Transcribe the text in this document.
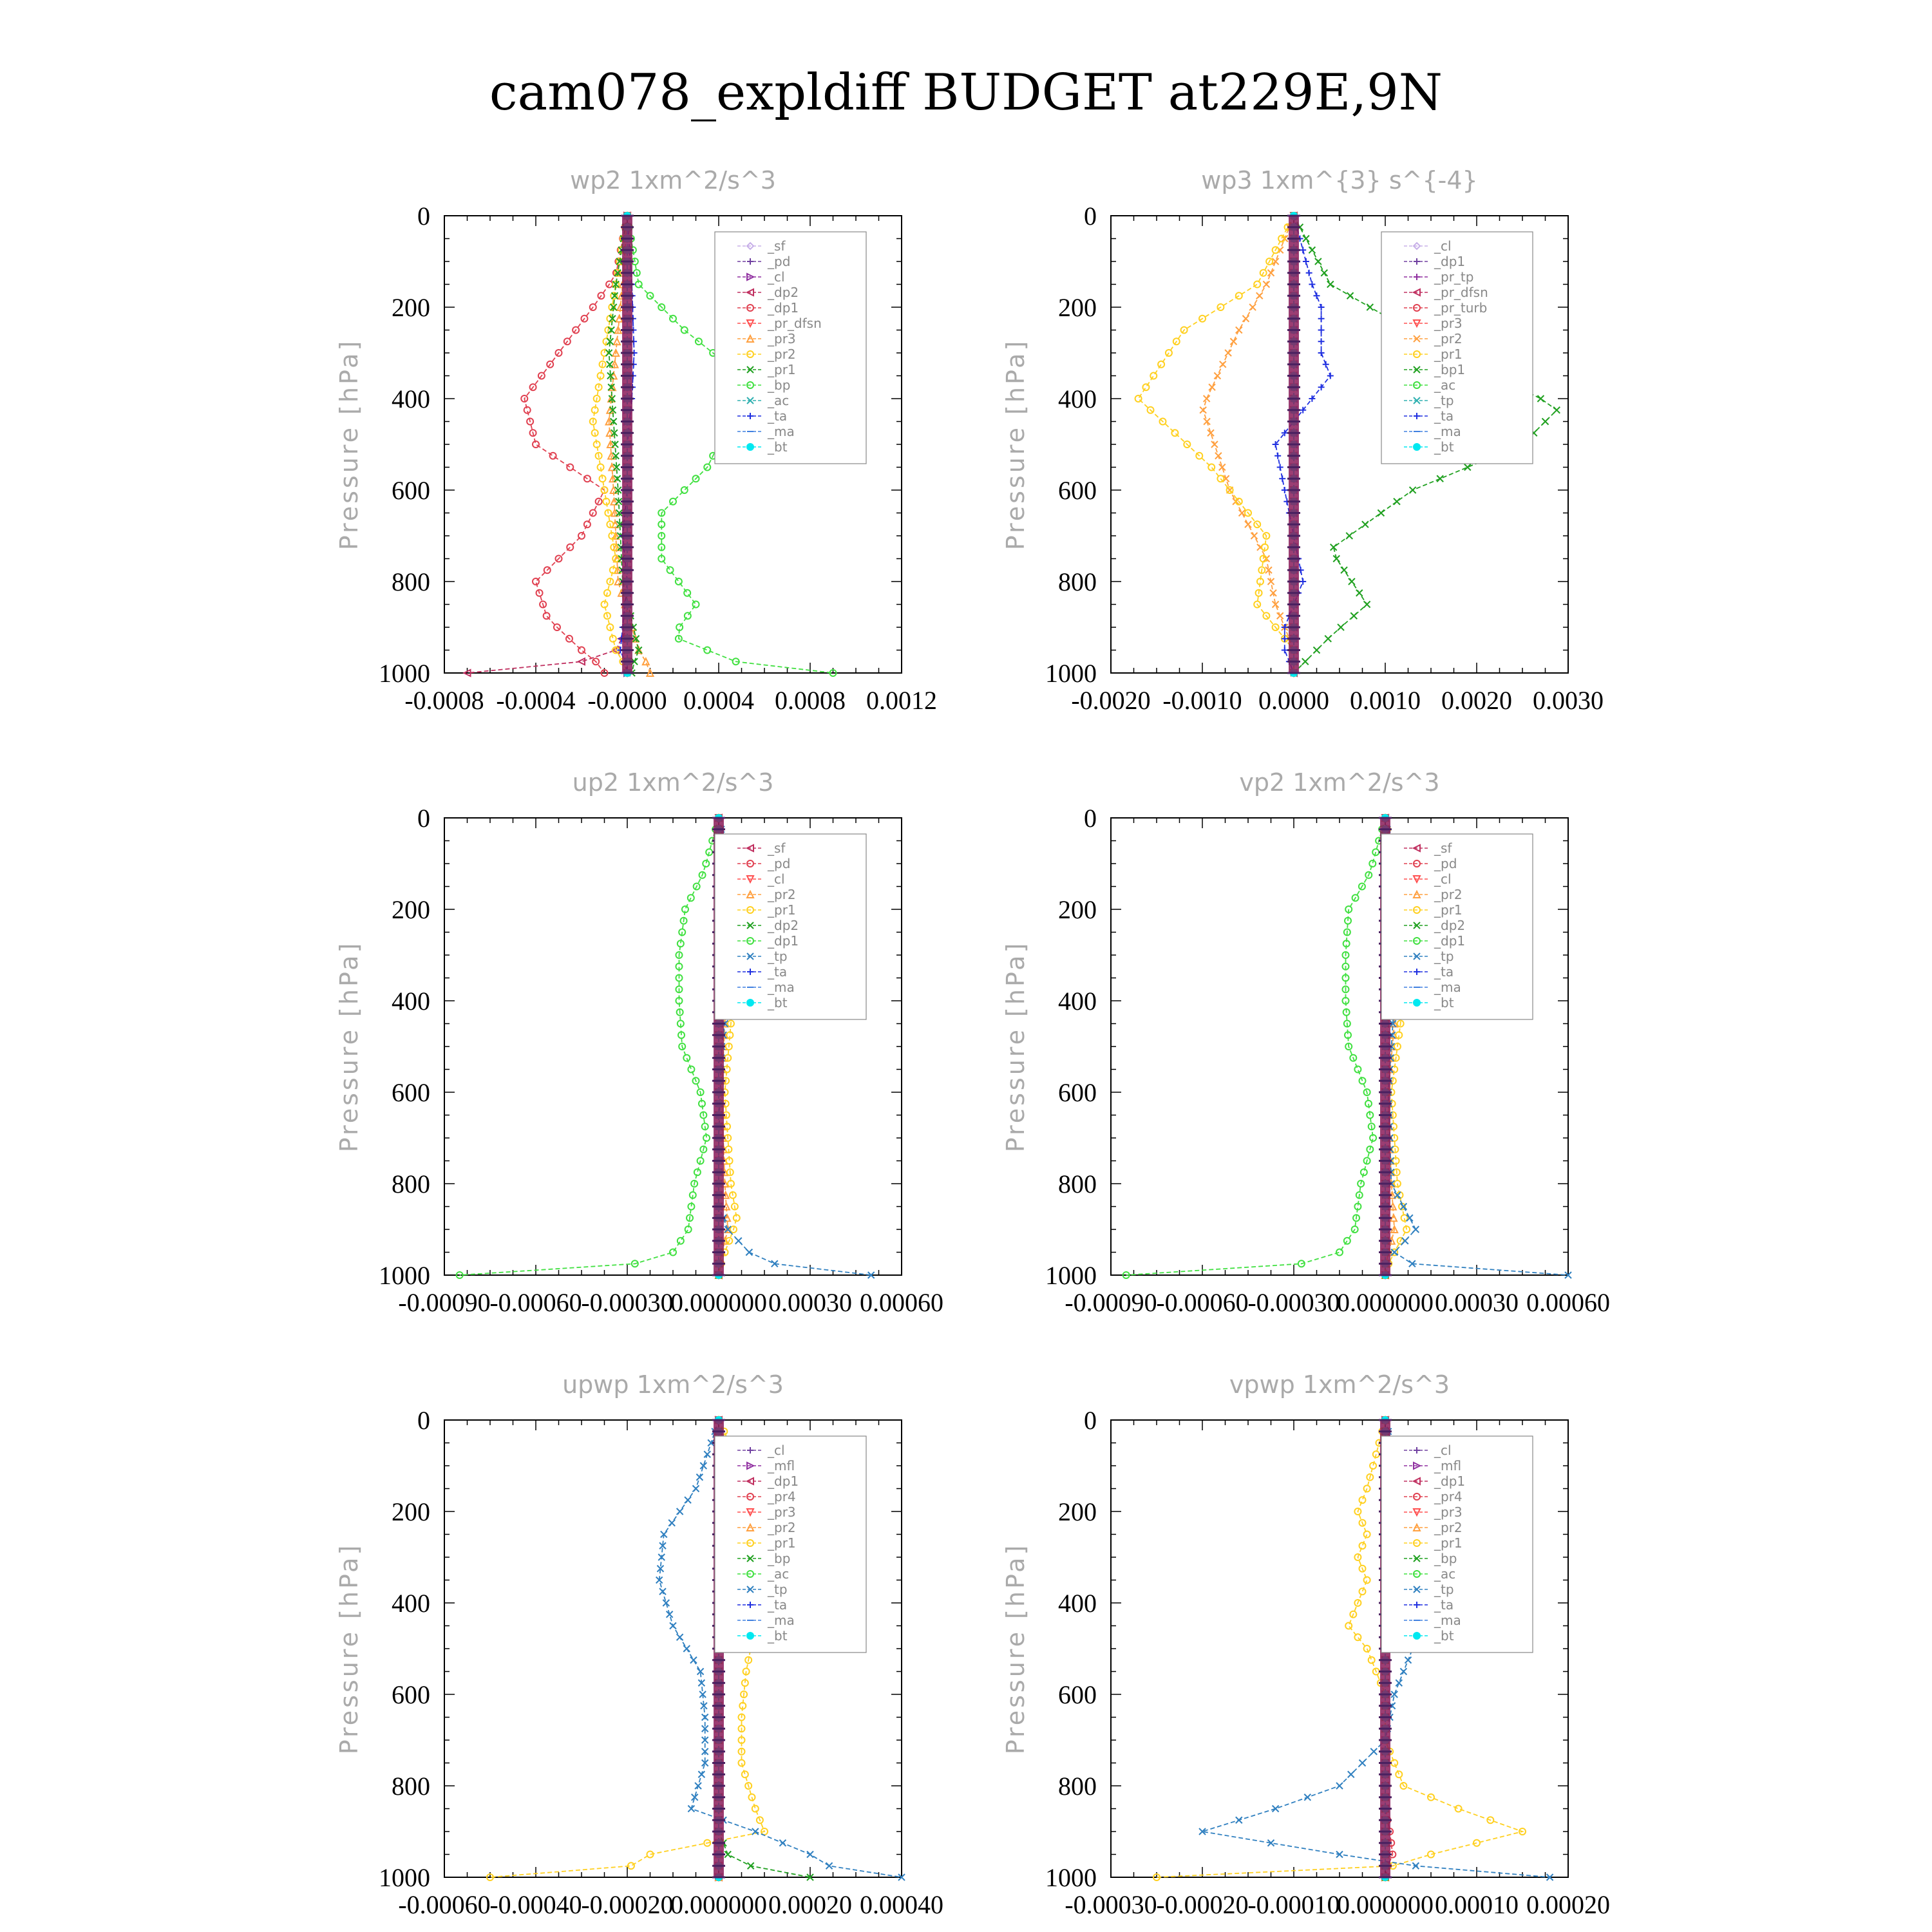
cam078_expldiff BUDGET at229E,9N
wp2 1xm^2/s^3
Pressure [hPa]
-0.0008 -0.0004 -0.0000 0.0004 0.0008 0.0012
0
200
400
600
800
1000
_sf
_pd
_cl
_dp2
_dp1
_pr_dfsn
_pr3
_pr2
_pr1
_bp
_ac
_ta
_ma
_bt
wp3 1xm^{3} s^{-4}
Pressure [hPa]
-0.0020 -0.0010 0.0000 0.0010 0.0020 0.0030
0
200
400
600
800
1000
_cl
_dp1
_pr_tp
_pr_dfsn
_pr_turb
_pr3
_pr2
_pr1
_bp1
_ac
_tp
_ta
_ma
_bt
up2 1xm^2/s^3
Pressure [hPa]
-0.00090
-0.00060
-0.00030
0.000000 0.00030 0.00060
0
200
400
600
800
1000
_sf
_pd
_cl
_pr2
_pr1
_dp2
_dp1
_tp
_ta
_ma
_bt
vp2 1xm^2/s^3
Pressure [hPa]
-0.00090
-0.00060
-0.00030
0.000000 0.00030 0.00060
0
200
400
600
800
1000
_sf
_pd
_cl
_pr2
_pr1
_dp2
_dp1
_tp
_ta
_ma
_bt
upwp 1xm^2/s^3
Pressure [hPa]
-0.00060
-0.00040
-0.00020
0.000000 0.00020 0.00040
0
200
400
600
800
1000
_cl
_mfl
_dp1
_pr4
_pr3
_pr2
_pr1
_bp
_ac
_tp
_ta
_ma
_bt
vpwp 1xm^2/s^3
Pressure [hPa]
-0.00030
-0.00020
-0.00010
0.000000 0.00010 0.00020
0
200
400
600
800
1000
_cl
_mfl
_dp1
_pr4
_pr3
_pr2
_pr1
_bp
_ac
_tp
_ta
_ma
_bt
